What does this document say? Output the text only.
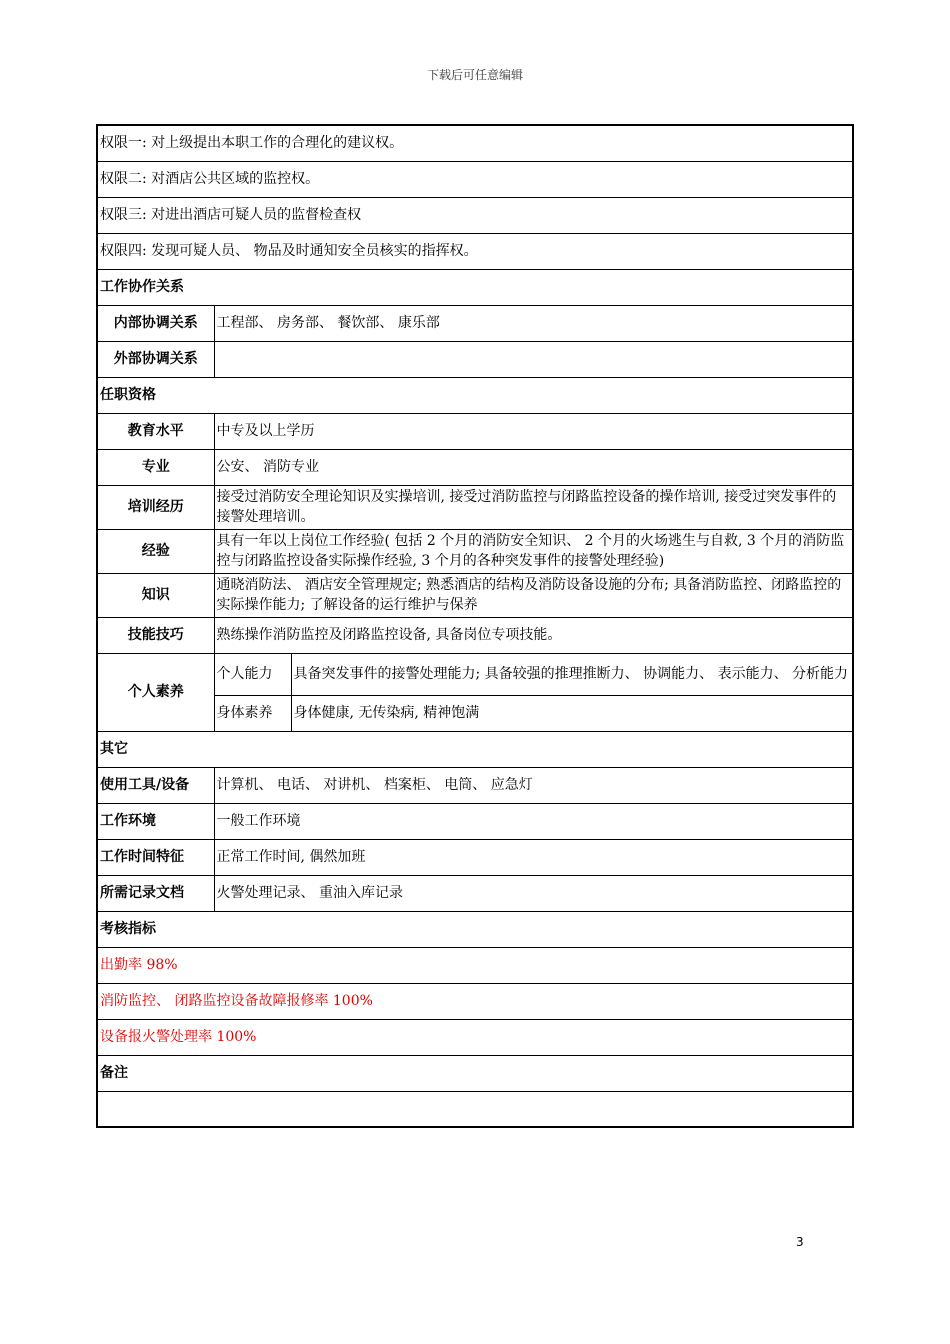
下载后可任意编辑
权限一: 对上级提出本职工作的合理化的建议权。		
权限二: 对酒店公共区域的监控权。		
权限三: 对进出酒店可疑人员的监督检查权		
权限四: 发现可疑人员、 物品及时通知安全员核实的指挥权。		
工作协作关系		
内部协调关系	工程部、 房务部、 餐饮部、 康乐部	
外部协调关系		
任职资格		
教育水平	中专及以上学历	
专业	公安、 消防专业	
培训经历	接受过消防安全理论知识及实操培训, 接受过消防监控与闭路监控设备的操作培训, 接受过突发事件的接警处理培训。	
经验	具有一年以上岗位工作经验( 包括 2 个月的消防安全知识、 2 个月的火场逃生与自救, 3 个月的消防监控与闭路监控设备实际操作经验, 3 个月的各种突发事件的接警处理经验)	
知识	通晓消防法、 酒店安全管理规定; 熟悉酒店的结构及消防设备设施的分布; 具备消防监控、闭路监控的实际操作能力; 了解设备的运行维护与保养	
技能技巧	熟练操作消防监控及闭路监控设备, 具备岗位专项技能。	
个人素养	个人能力	具备突发事件的接警处理能力; 具备较强的推理推断力、 协调能力、 表示能力、 分析能力
	身体素养	身体健康, 无传染病, 精神饱满
其它		
使用工具/设备	计算机、 电话、 对讲机、 档案柜、 电筒、 应急灯	
工作环境	一般工作环境	
工作时间特征	正常工作时间, 偶然加班	
所需记录文档	火警处理记录、 重油入库记录	
考核指标		
出勤率 98%		
消防监控、 闭路监控设备故障报修率 100%		
设备报火警处理率 100%		
备注		

3
